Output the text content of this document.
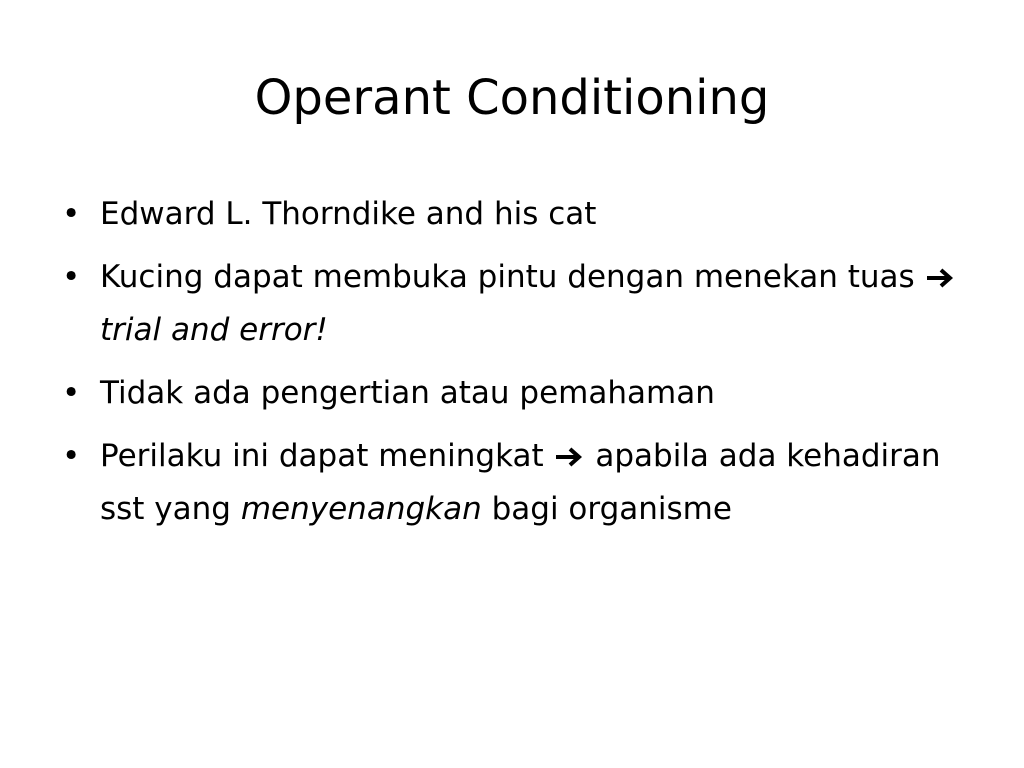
Operant Conditioning
• Edward L. Thorndike and his cat
• Kucing dapat membuka pintu dengan menekan tuas  trial and error!
• Tidak ada pengertian atau pemahaman
• Perilaku ini dapat meningkat apabila ada kehadiran sst yang menyenangkan bagi organisme
